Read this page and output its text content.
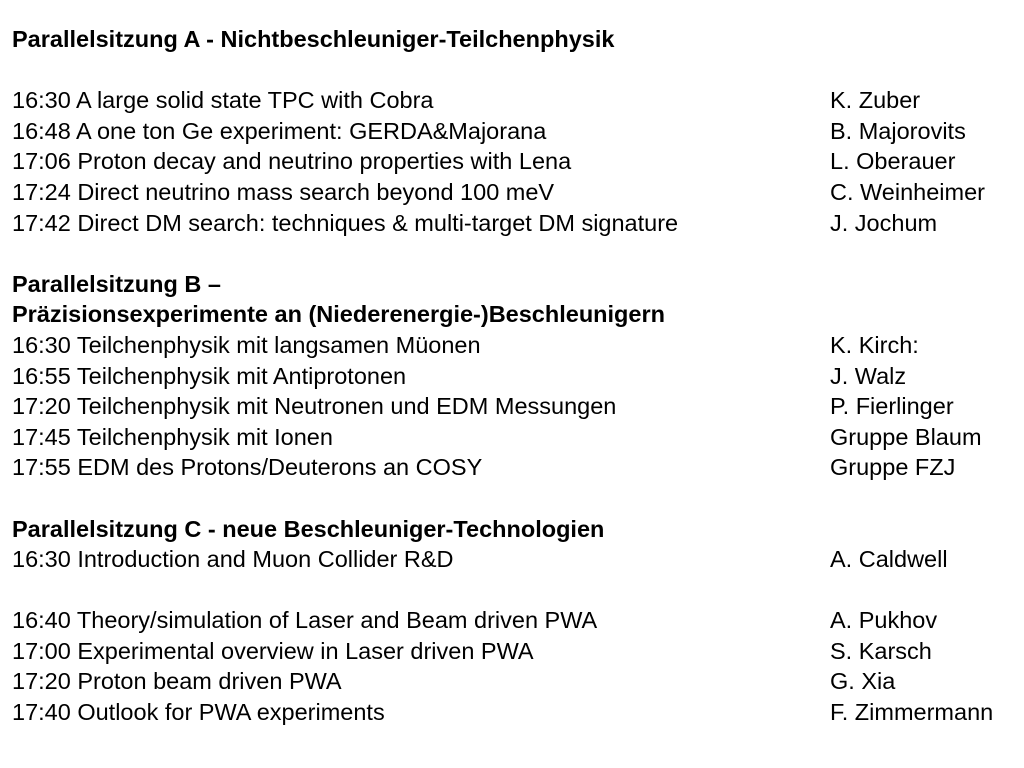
Parallelsitzung A - Nichtbeschleuniger-Teilchenphysik
16:30 A large solid state TPC with Cobra	K. Zuber
16:48 A one ton Ge experiment: GERDA&Majorana	B. Majorovits
17:06 Proton decay and neutrino properties with Lena	L. Oberauer
17:24 Direct neutrino mass search beyond 100 meV	C. Weinheimer
17:42 Direct DM search: techniques & multi-target DM signature	J. Jochum
Parallelsitzung B –
Präzisionsexperimente an (Niederenergie-)Beschleunigern
16:30 Teilchenphysik mit langsamen Müonen	K. Kirch:
16:55 Teilchenphysik mit Antiprotonen	J. Walz
17:20 Teilchenphysik mit Neutronen und EDM Messungen	P. Fierlinger
17:45 Teilchenphysik mit Ionen	Gruppe Blaum
17:55 EDM des Protons/Deuterons an COSY	Gruppe FZJ
Parallelsitzung C - neue Beschleuniger-Technologien
16:30 Introduction and Muon Collider R&D	A. Caldwell
16:40 Theory/simulation of Laser and Beam driven PWA	A. Pukhov
17:00 Experimental overview in Laser driven PWA	S. Karsch
17:20 Proton beam driven PWA	G. Xia
17:40 Outlook for PWA experiments	F. Zimmermann
